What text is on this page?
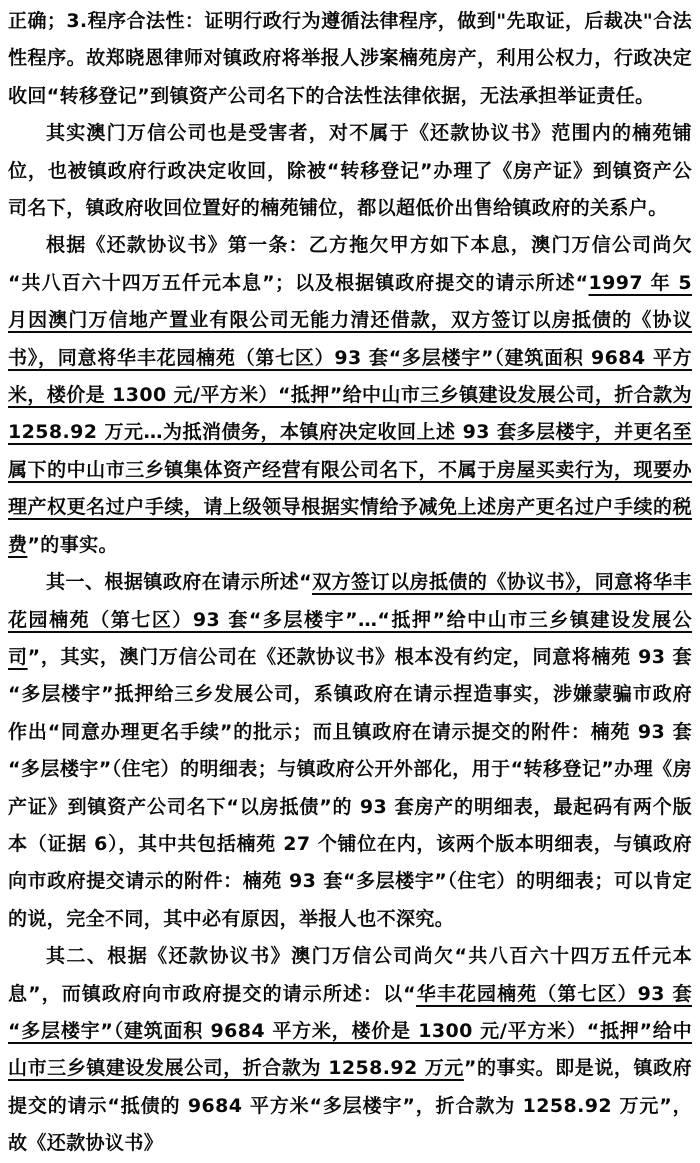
正确；3.程序合法性：证明行政行为遵循法律程序，做到"先取证，后裁决"合法性程序。故郑晓恩律师对镇政府将举报人涉案楠苑房产，利用公权力，行政决定收回“转移登记”到镇资产公司名下的合法性法律依据，无法承担举证责任。

其实澳门万信公司也是受害者，对不属于《还款协议书》范围内的楠苑铺位，也被镇政府行政决定收回，除被“转移登记”办理了《房产证》到镇资产公司名下，镇政府收回位置好的楠苑铺位，都以超低价出售给镇政府的关系户。

根据《还款协议书》第一条：乙方拖欠甲方如下本息，澳门万信公司尚欠“共八百六十四万五仟元本息”；以及根据镇政府提交的请示所述“1997 年 5 月因澳门万信地产置业有限公司无能力清还借款，双方签订以房抵债的《协议书》，同意将华丰花园楠苑（第七区）93 套“多层楼宇”（建筑面积 9684 平方米，楼价是 1300 元/平方米）“抵押”给中山市三乡镇建设发展公司，折合款为 1258.92 万元…为抵消债务，本镇府决定收回上述 93 套多层楼宇，并更名至属下的中山市三乡镇集体资产经营有限公司名下，不属于房屋买卖行为，现要办理产权更名过户手续，请上级领导根据实情给予减免上述房产更名过户手续的税费”的事实。

其一、根据镇政府在请示所述“双方签订以房抵债的《协议书》，同意将华丰花园楠苑（第七区）93 套“多层楼宇”…“抵押”给中山市三乡镇建设发展公司”，其实，澳门万信公司在《还款协议书》根本没有约定，同意将楠苑 93 套“多层楼宇”抵押给三乡发展公司，系镇政府在请示捏造事实，涉嫌蒙骗市政府作出“同意办理更名手续”的批示；而且镇政府在请示提交的附件：楠苑 93 套“多层楼宇”（住宅）的明细表；与镇政府公开外部化，用于“转移登记”办理《房产证》到镇资产公司名下“以房抵债”的 93 套房产的明细表，最起码有两个版本（证据 6），其中共包括楠苑 27 个铺位在内，该两个版本明细表，与镇政府向市政府提交请示的附件：楠苑 93 套“多层楼宇”（住宅）的明细表；可以肯定的说，完全不同，其中必有原因，举报人也不深究。

其二、根据《还款协议书》澳门万信公司尚欠“共八百六十四万五仟元本息”，而镇政府向市政府提交的请示所述：以“华丰花园楠苑（第七区）93 套“多层楼宇”（建筑面积 9684 平方米，楼价是 1300 元/平方米）“抵押”给中山市三乡镇建设发展公司，折合款为 1258.92 万元”的事实。即是说，镇政府提交的请示“抵债的 9684 平方米“多层楼宇”，折合款为 1258.92 万元”，故《还款协议书》
